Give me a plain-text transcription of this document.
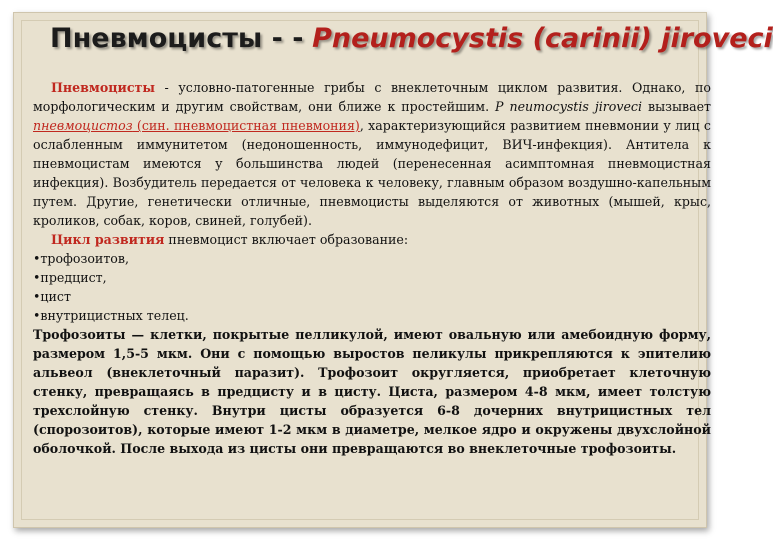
Пневмоцисты - - Pneumocystis (carinii) jiroveci

Пневмоцисты - условно-патогенные грибы с внеклеточным циклом развития. Однако, по морфологическим и другим свойствам, они ближе к простейшим. P neumocystis jiroveci вызывает пневмоцистоз (син. пневмоцистная пневмония), характеризующийся развитием пневмонии у лиц с ослабленным иммунитетом (недоношенность, иммунодефицит, ВИЧ-инфекция). Антитела к пневмоцистам имеются у большинства людей (перенесенная асимптомная пневмоцистная инфекция). Возбудитель передается от человека к человеку, главным образом воздушно-капельным путем. Другие, генетически отличные, пневмоцисты выделяются от животных (мышей, крыс, кроликов, собак, коров, свиней, голубей).

Цикл развития пневмоцист включает образование:

•трофозоитов,

•предцист,

•цист

•внутрицистных телец.

Трофозоиты — клетки, покрытые пелликулой, имеют овальную или амебоидную форму, размером 1,5-5 мкм. Они с помощью выростов пеликулы прикрепляются к эпителию альвеол (внеклеточный паразит). Трофозоит округляется, приобретает клеточную стенку, превращаясь в предцисту и в цисту. Циста, размером 4-8 мкм, имеет толстую трехслойную стенку. Внутри цисты образуется 6-8 дочерних внутрицистных тел (спорозоитов), которые имеют 1-2 мкм в диаметре, мелкое ядро и окружены двухслойной оболочкой. После выхода из цисты они превращаются во внеклеточные трофозоиты.
